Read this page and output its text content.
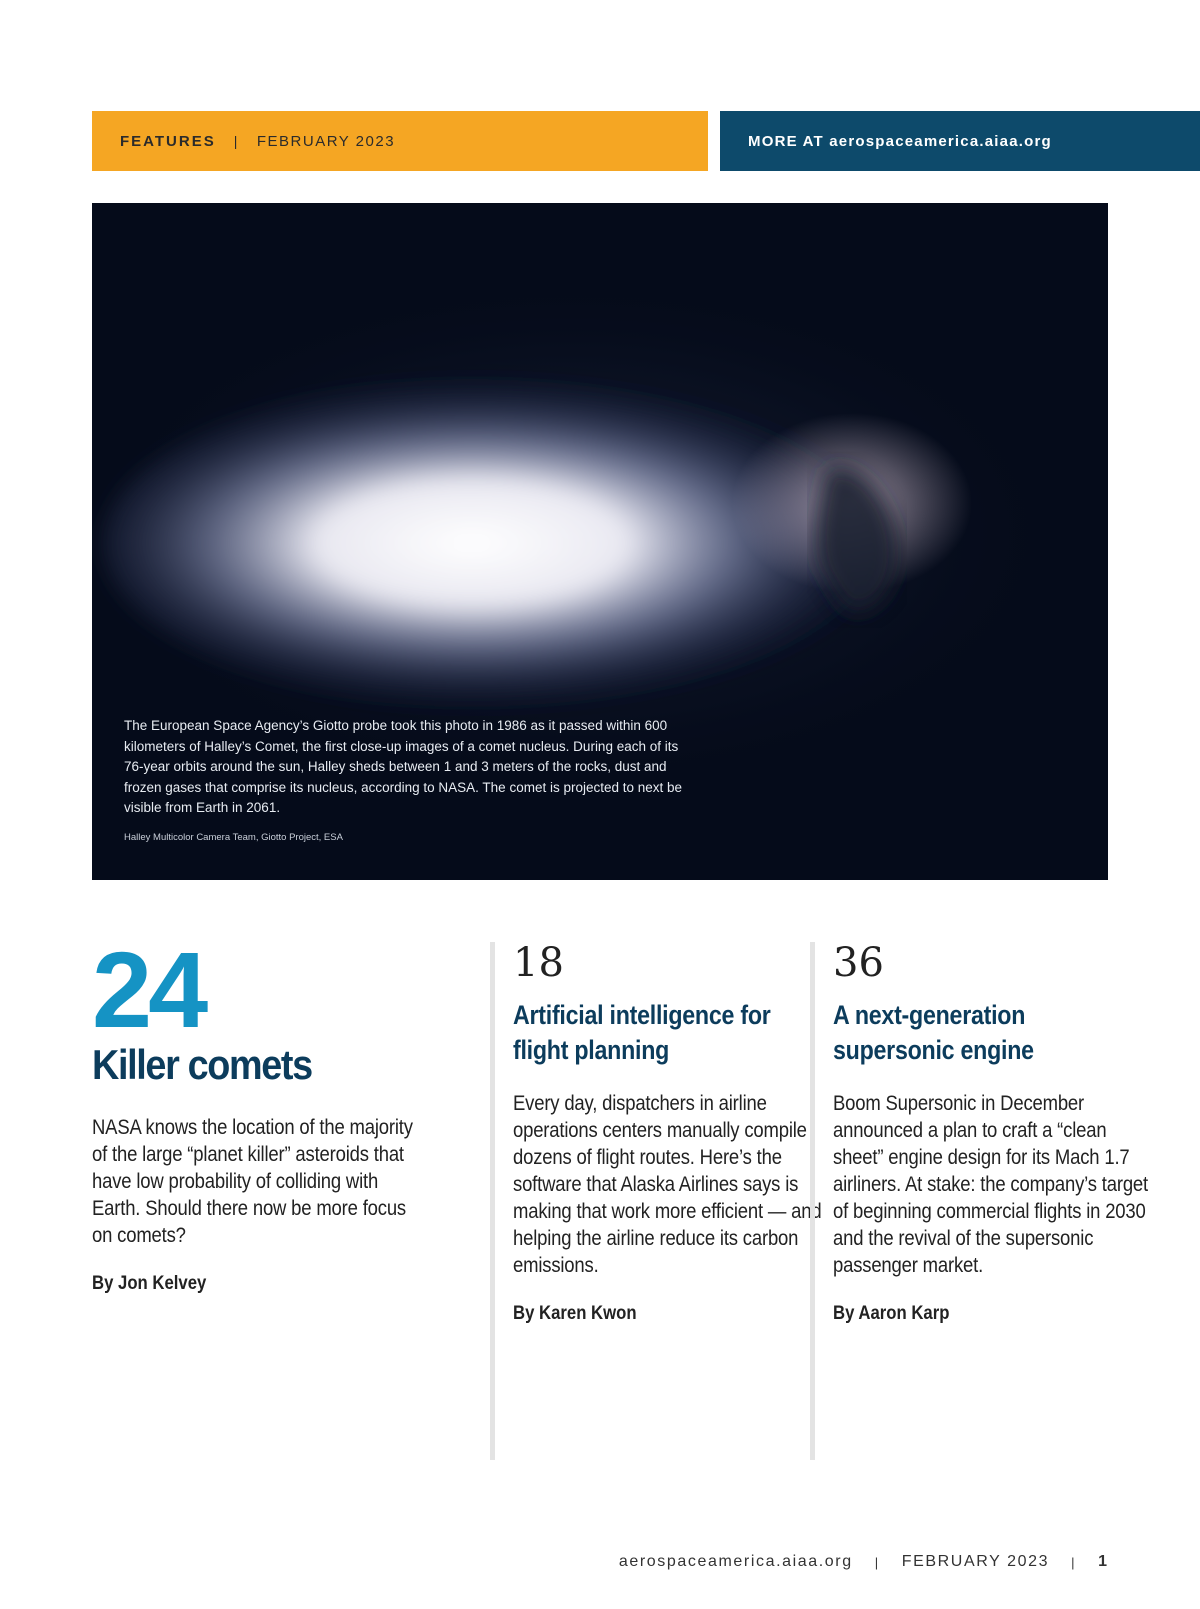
FEATURES | FEBRUARY 2023	MORE AT aerospaceamerica.aiaa.org
The European Space Agency’s Giotto probe took this photo in 1986 as it passed within 600 kilometers of Halley’s Comet, the first close-up images of a comet nucleus. During each of its 76-year orbits around the sun, Halley sheds between 1 and 3 meters of the rocks, dust and frozen gases that comprise its nucleus, according to NASA. The comet is projected to next be visible from Earth in 2061.
Halley Multicolor Camera Team, Giotto Project, ESA
24
Killer comets
NASA knows the location of the majority of the large “planet killer” asteroids that have low probability of colliding with Earth. Should there now be more focus on comets?
By Jon Kelvey
18
Artificial intelligence for flight planning
Every day, dispatchers in airline operations centers manually compile dozens of flight routes. Here’s the software that Alaska Airlines says is making that work more efficient — and helping the airline reduce its carbon emissions.
By Karen Kwon
36
A next-generation supersonic engine
Boom Supersonic in December announced a plan to craft a “clean sheet” engine design for its Mach 1.7 airliners. At stake: the company’s target of beginning commercial flights in 2030 and the revival of the supersonic passenger market.
By Aaron Karp
aerospaceamerica.aiaa.org | FEBRUARY 2023 | 1
